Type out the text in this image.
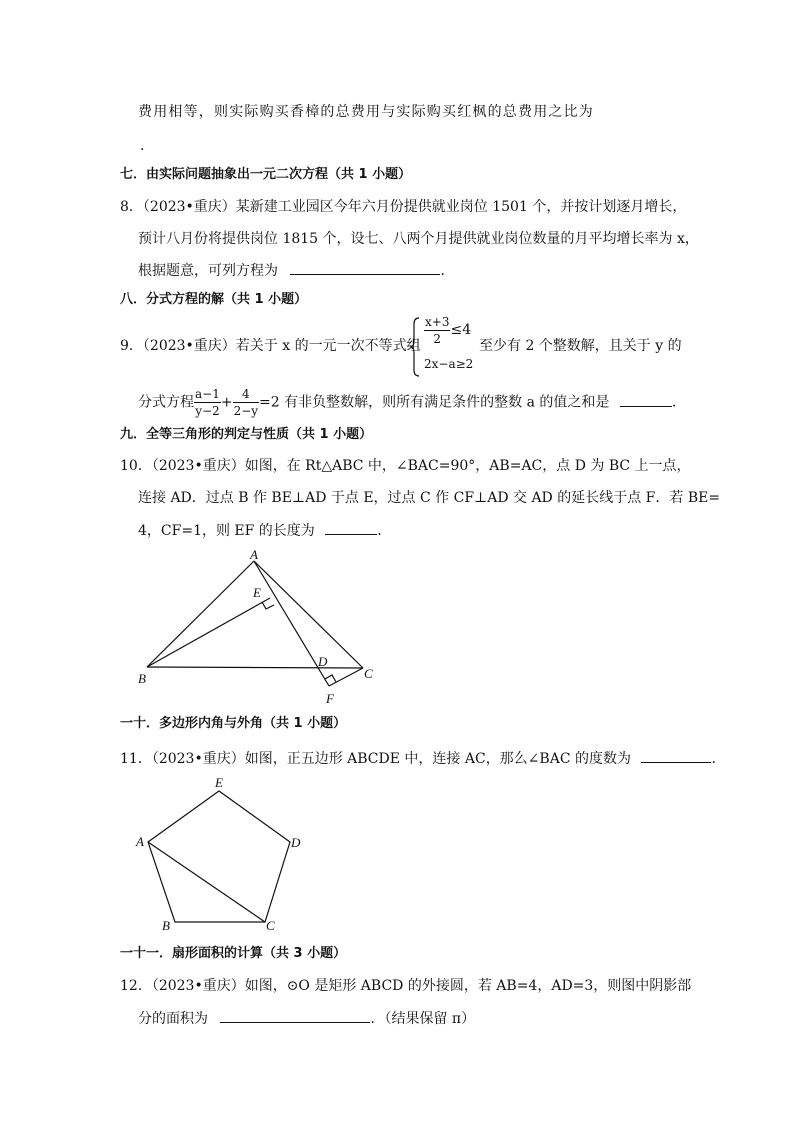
费用相等，则实际购买香樟的总费用与实际购买红枫的总费用之比为
.
七．由实际问题抽象出一元二次方程（共 1 小题）
8．（2023•重庆）某新建工业园区今年六月份提供就业岗位 1501 个，并按计划逐月增长，
预计八月份将提供岗位 1815 个，设七、八两个月提供就业岗位数量的月平均增长率为 x，
根据题意，可列方程为	.
八．分式方程的解（共 1 小题）
9．（2023•重庆）若关于 x 的一元一次不等式组 $\frac{x+3}{2} \le 4$
2x−a≥2
至少有 2 个整数解，且关于 y 的
分式方程 $\frac{a-1}{y-2} + \frac{4}{2-y} =2$ 有非负整数解，则所有满足条件的整数 a 的值之和是	.
九．全等三角形的判定与性质（共 1 小题）
10．（2023•重庆）如图，在 Rt△ABC 中，∠BAC=90°，AB=AC，点 D 为 BC 上一点，
连接 AD．过点 B 作 BE⊥AD 于点 E，过点 C 作 CF⊥AD 交 AD 的延长线于点 F．若 BE=
4，CF=1，则 EF 的长度为	.
A
E
B
D
C
F
一十．多边形内角与外角（共 1 小题）
11．（2023•重庆）如图，正五边形 ABCDE 中，连接 AC，那么∠BAC 的度数为	.
E
D
A
B	C
一十一．扇形面积的计算（共 3 小题）
12．（2023•重庆）如图，⊙O 是矩形 ABCD 的外接圆，若 AB=4，AD=3，则图中阴影部
分的面积为	．（结果保留 π）
